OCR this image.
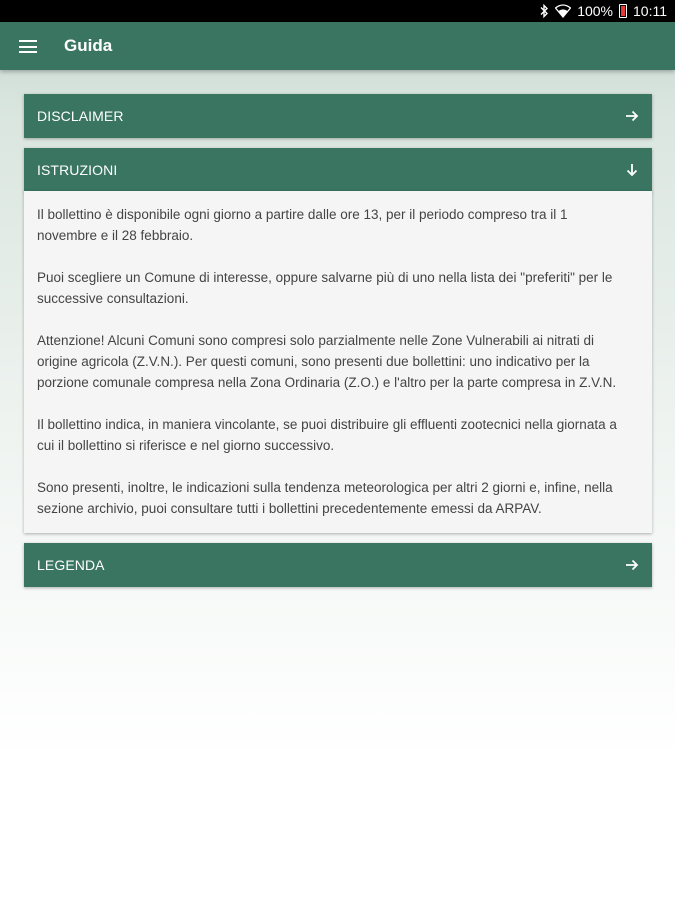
100% 10:11
Guida
DISCLAIMER
ISTRUZIONI

Il bollettino è disponibile ogni giorno a partire dalle ore 13, per il periodo compreso tra il 1 novembre e il 28 febbraio.

Puoi scegliere un Comune di interesse, oppure salvarne più di uno nella lista dei "preferiti" per le successive consultazioni.

Attenzione! Alcuni Comuni sono compresi solo parzialmente nelle Zone Vulnerabili ai nitrati di origine agricola (Z.V.N.). Per questi comuni, sono presenti due bollettini: uno indicativo per la porzione comunale compresa nella Zona Ordinaria (Z.O.) e l'altro per la parte compresa in Z.V.N.

Il bollettino indica, in maniera vincolante, se puoi distribuire gli effluenti zootecnici nella giornata a cui il bollettino si riferisce e nel giorno successivo.

Sono presenti, inoltre, le indicazioni sulla tendenza meteorologica per altri 2 giorni e, infine, nella sezione archivio, puoi consultare tutti i bollettini precedentemente emessi da ARPAV.

LEGENDA
